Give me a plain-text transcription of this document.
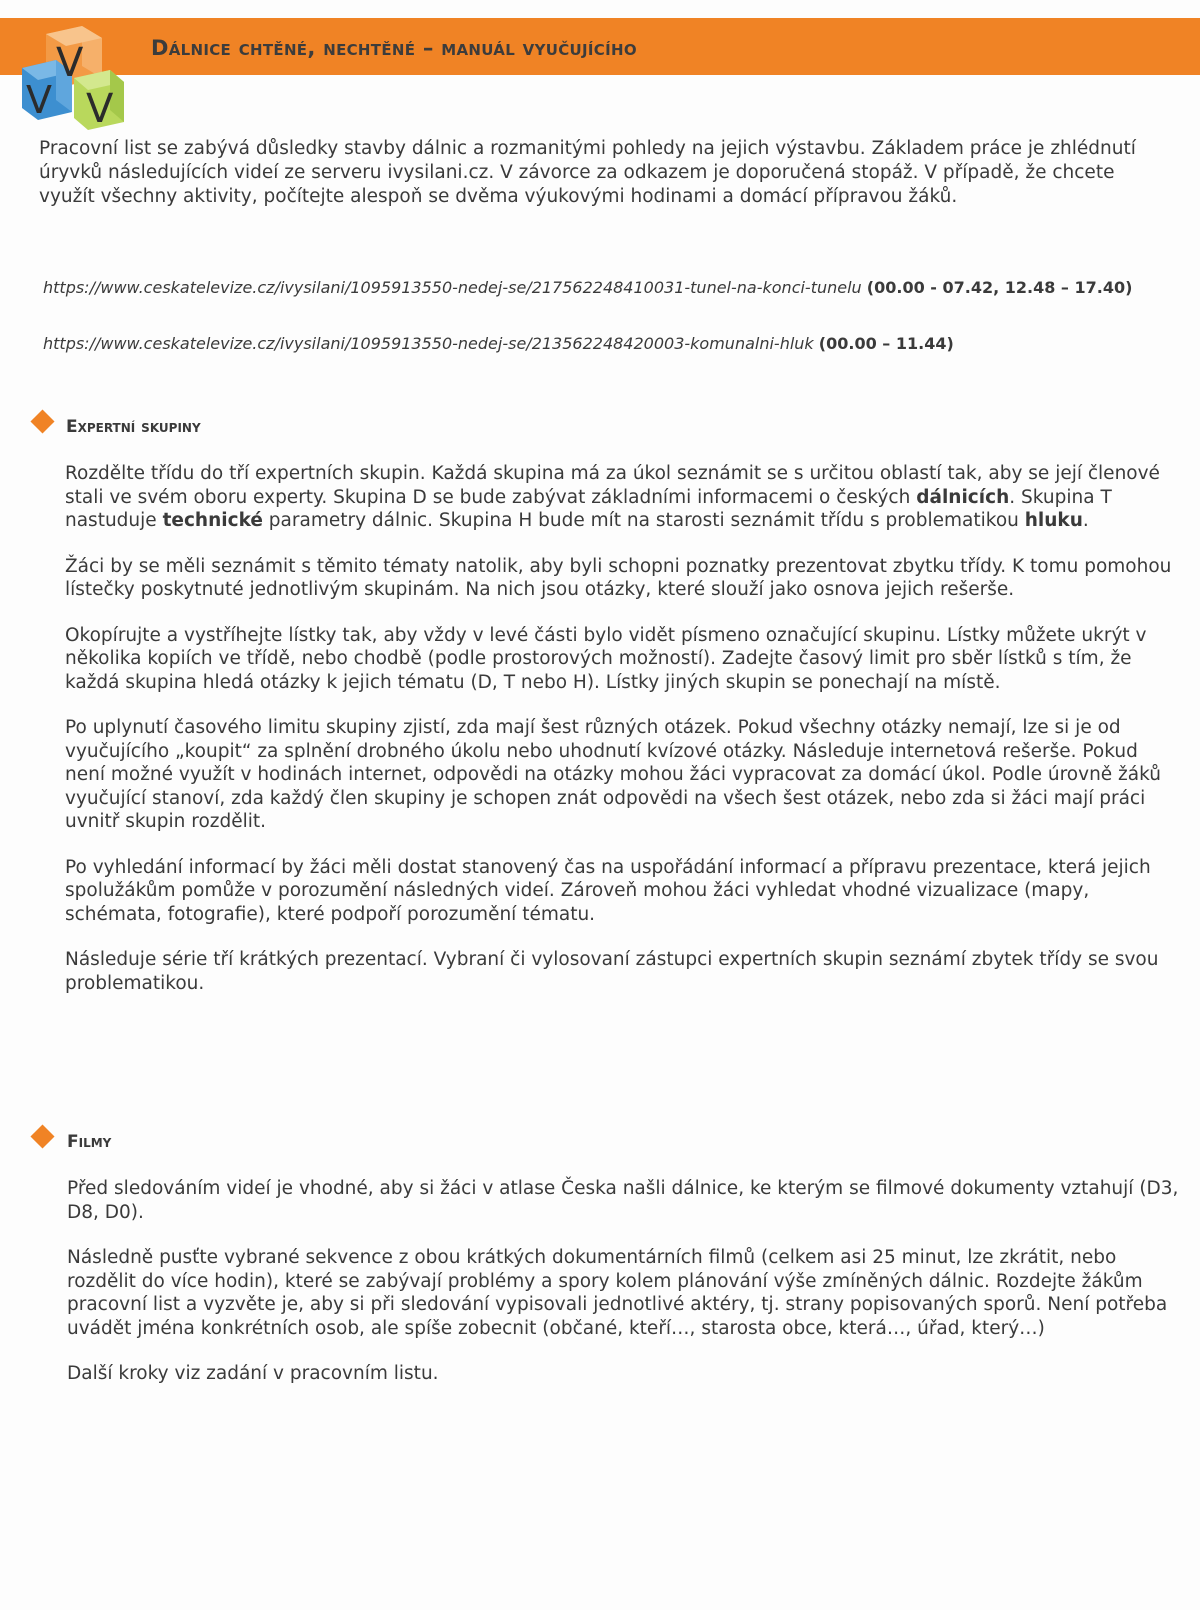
V
V V
Dálnice chtěné, nechtěné – manuál vyučujícího

Pracovní list se zabývá důsledky stavby dálnic a rozmanitými pohledy na jejich výstavbu. Základem práce je zhlédnutí úryvků následujících videí ze serveru ivysilani.cz. V závorce za odkazem je doporučená stopáž. V případě, že chcete využít všechny aktivity, počítejte alespoň se dvěma výukovými hodinami a domácí přípravou žáků.

https://www.ceskatelevize.cz/ivysilani/1095913550-nedej-se/217562248410031-tunel-na-konci-tunelu (00.00 - 07.42, 12.48 – 17.40)
https://www.ceskatelevize.cz/ivysilani/1095913550-nedej-se/213562248420003-komunalni-hluk (00.00 – 11.44)
Expertní skupiny

Rozdělte třídu do tří expertních skupin. Každá skupina má za úkol seznámit se s určitou oblastí tak, aby se její členové stali ve svém oboru experty. Skupina D se bude zabývat základními informacemi o českých dálnicích. Skupina T nastuduje technické parametry dálnic. Skupina H bude mít na starosti seznámit třídu s problematikou hluku.

Žáci by se měli seznámit s těmito tématy natolik, aby byli schopni poznatky prezentovat zbytku třídy. K tomu pomohou lístečky poskytnuté jednotlivým skupinám. Na nich jsou otázky, které slouží jako osnova jejich rešerše.

Okopírujte a vystříhejte lístky tak, aby vždy v levé části bylo vidět písmeno označující skupinu. Lístky můžete ukrýt v několika kopiích ve třídě, nebo chodbě (podle prostorových možností). Zadejte časový limit pro sběr lístků s tím, že každá skupina hledá otázky k jejich tématu (D, T nebo H). Lístky jiných skupin se ponechají na místě.

Po uplynutí časového limitu skupiny zjistí, zda mají šest různých otázek. Pokud všechny otázky nemají, lze si je od vyučujícího „koupit“ za splnění drobného úkolu nebo uhodnutí kvízové otázky. Následuje internetová rešerše. Pokud není možné využít v hodinách internet, odpovědi na otázky mohou žáci vypracovat za domácí úkol. Podle úrovně žáků vyučující stanoví, zda každý člen skupiny je schopen znát odpovědi na všech šest otázek, nebo zda si žáci mají práci uvnitř skupin rozdělit.

Po vyhledání informací by žáci měli dostat stanovený čas na uspořádání informací a přípravu prezentace, která jejich spolužákům pomůže v porozumění následných videí. Zároveň mohou žáci vyhledat vhodné vizualizace (mapy, schémata, fotografie), které podpoří porozumění tématu.

Následuje série tří krátkých prezentací. Vybraní či vylosovaní zástupci expertních skupin seznámí zbytek třídy se svou problematikou.

Filmy

Před sledováním videí je vhodné, aby si žáci v atlase Česka našli dálnice, ke kterým se filmové dokumenty vztahují (D3, D8, D0).

Následně pusťte vybrané sekvence z obou krátkých dokumentárních filmů (celkem asi 25 minut, lze zkrátit, nebo rozdělit do více hodin), které se zabývají problémy a spory kolem plánování výše zmíněných dálnic. Rozdejte žákům pracovní list a vyzvěte je, aby si při sledování vypisovali jednotlivé aktéry, tj. strany popisovaných sporů. Není potřeba uvádět jména konkrétních osob, ale spíše zobecnit (občané, kteří…, starosta obce, která…, úřad, který…)

Další kroky viz zadání v pracovním listu.
